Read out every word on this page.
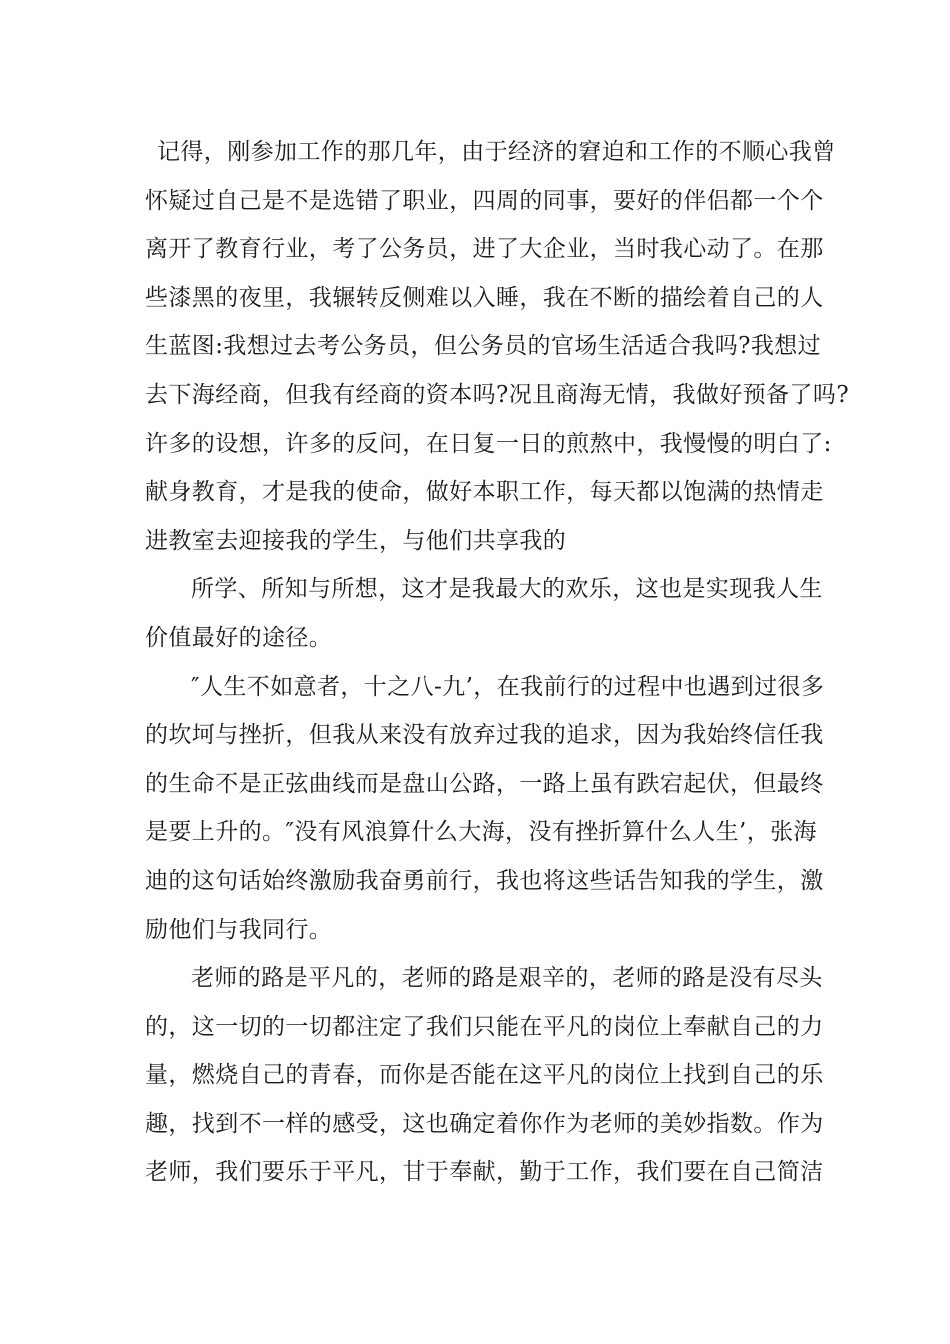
记得，刚参加工作的那几年，由于经济的窘迫和工作的不顺心我曾
怀疑过自己是不是选错了职业，四周的同事，要好的伴侣都一个个
离开了教育行业，考了公务员，进了大企业，当时我心动了。在那
些漆黑的夜里，我辗转反侧难以入睡，我在不断的描绘着自己的人
生蓝图:我想过去考公务员，但公务员的官场生活适合我吗?我想过
去下海经商，但我有经商的资本吗?况且商海无情，我做好预备了吗?
许多的设想，许多的反问，在日复一日的煎熬中，我慢慢的明白了:
献身教育，才是我的使命，做好本职工作，每天都以饱满的热情走
进教室去迎接我的学生，与他们共享我的

所学、所知与所想，这才是我最大的欢乐，这也是实现我人生
价值最好的途径。

″人生不如意者，十之八-九’，在我前行的过程中也遇到过很多
的坎坷与挫折，但我从来没有放弃过我的追求，因为我始终信任我
的生命不是正弦曲线而是盘山公路，一路上虽有跌宕起伏，但最终
是要上升的。″没有风浪算什么大海，没有挫折算什么人生’，张海
迪的这句话始终激励我奋勇前行，我也将这些话告知我的学生，激
励他们与我同行。

老师的路是平凡的，老师的路是艰辛的，老师的路是没有尽头
的，这一切的一切都注定了我们只能在平凡的岗位上奉献自己的力
量，燃烧自己的青春，而你是否能在这平凡的岗位上找到自己的乐
趣，找到不一样的感受，这也确定着你作为老师的美妙指数。作为
老师，我们要乐于平凡，甘于奉献，勤于工作，我们要在自己简洁
